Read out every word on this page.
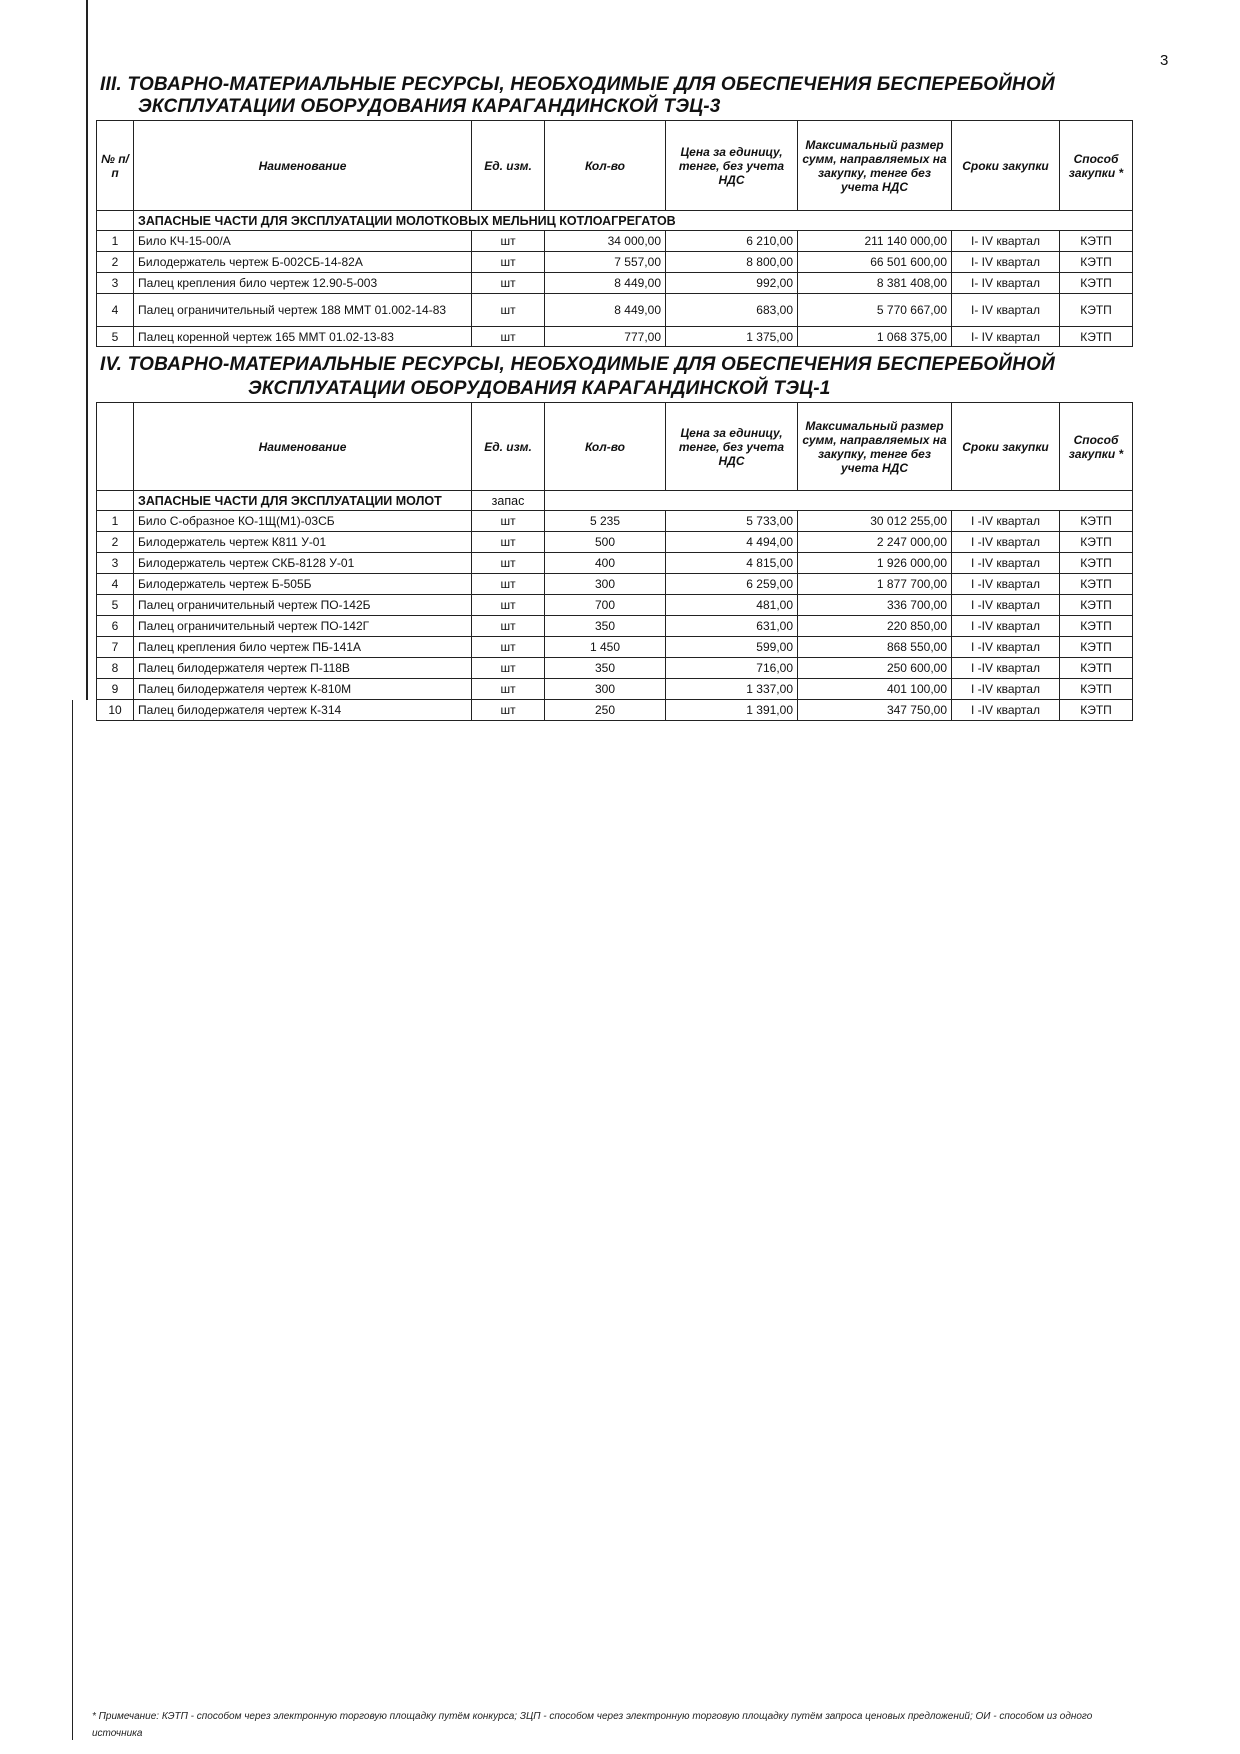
3
III. ТОВАРНО-МАТЕРИАЛЬНЫЕ РЕСУРСЫ, НЕОБХОДИМЫЕ ДЛЯ ОБЕСПЕЧЕНИЯ БЕСПЕРЕБОЙНОЙ
ЭКСПЛУАТАЦИИ ОБОРУДОВАНИЯ КАРАГАНДИНСКОЙ ТЭЦ-3
№ п/п	Наименование	Ед. изм.	Кол-во	Цена за единицу, тенге, без учета НДС	Максимальный размер сумм, направляемых на закупку, тенге без учета НДС	Сроки закупки	Способ закупки *
	ЗАПАСНЫЕ ЧАСТИ ДЛЯ ЭКСПЛУАТАЦИИ МОЛОТКОВЫХ МЕЛЬНИЦ КОТЛОАГРЕГАТОВ						
1	Било КЧ-15-00/А	шт	34 000,00	6 210,00	211 140 000,00	I- IV квартал	КЭТП
2	Билодержатель чертеж Б-002СБ-14-82А	шт	7 557,00	8 800,00	66 501 600,00	I- IV квартал	КЭТП
3	Палец крепления било чертеж 12.90-5-003	шт	8 449,00	992,00	8 381 408,00	I- IV квартал	КЭТП
4	Палец ограничительный чертеж 188 ММТ 01.002-14-83	шт	8 449,00	683,00	5 770 667,00	I- IV квартал	КЭТП
5	Палец коренной чертеж 165 ММТ 01.02-13-83	шт	777,00	1 375,00	1 068 375,00	I- IV квартал	КЭТП
IV. ТОВАРНО-МАТЕРИАЛЬНЫЕ РЕСУРСЫ, НЕОБХОДИМЫЕ ДЛЯ ОБЕСПЕЧЕНИЯ БЕСПЕРЕБОЙНОЙ
ЭКСПЛУАТАЦИИ ОБОРУДОВАНИЯ КАРАГАНДИНСКОЙ ТЭЦ-1
	Наименование	Ед. изм.	Кол-во	Цена за единицу, тенге, без учета НДС	Максимальный размер сумм, направляемых на закупку, тенге без учета НДС	Сроки закупки	Способ закупки *
	ЗАПАСНЫЕ ЧАСТИ ДЛЯ ЭКСПЛУАТАЦИИ МОЛОТ	запас					
1	Било С-образное КО-1Щ(М1)-03СБ	шт	5 235	5 733,00	30 012 255,00	I -IV квартал	КЭТП
2	Билодержатель чертеж К811 У-01	шт	500	4 494,00	2 247 000,00	I -IV квартал	КЭТП
3	Билодержатель чертеж СКБ-8128 У-01	шт	400	4 815,00	1 926 000,00	I -IV квартал	КЭТП
4	Билодержатель чертеж Б-505Б	шт	300	6 259,00	1 877 700,00	I -IV квартал	КЭТП
5	Палец ограничительный чертеж ПО-142Б	шт	700	481,00	336 700,00	I -IV квартал	КЭТП
6	Палец ограничительный чертеж ПО-142Г	шт	350	631,00	220 850,00	I -IV квартал	КЭТП
7	Палец крепления било чертеж ПБ-141А	шт	1 450	599,00	868 550,00	I -IV квартал	КЭТП
8	Палец билодержателя чертеж П-118В	шт	350	716,00	250 600,00	I -IV квартал	КЭТП
9	Палец билодержателя чертеж К-810М	шт	300	1 337,00	401 100,00	I -IV квартал	КЭТП
10	Палец билодержателя чертеж К-314	шт	250	1 391,00	347 750,00	I -IV квартал	КЭТП
* Примечание: КЭТП - способом через электронную торговую площадку путём конкурса; ЗЦП - способом через электронную торговую площадку путём запроса ценовых предложений; ОИ - способом из одного источника
